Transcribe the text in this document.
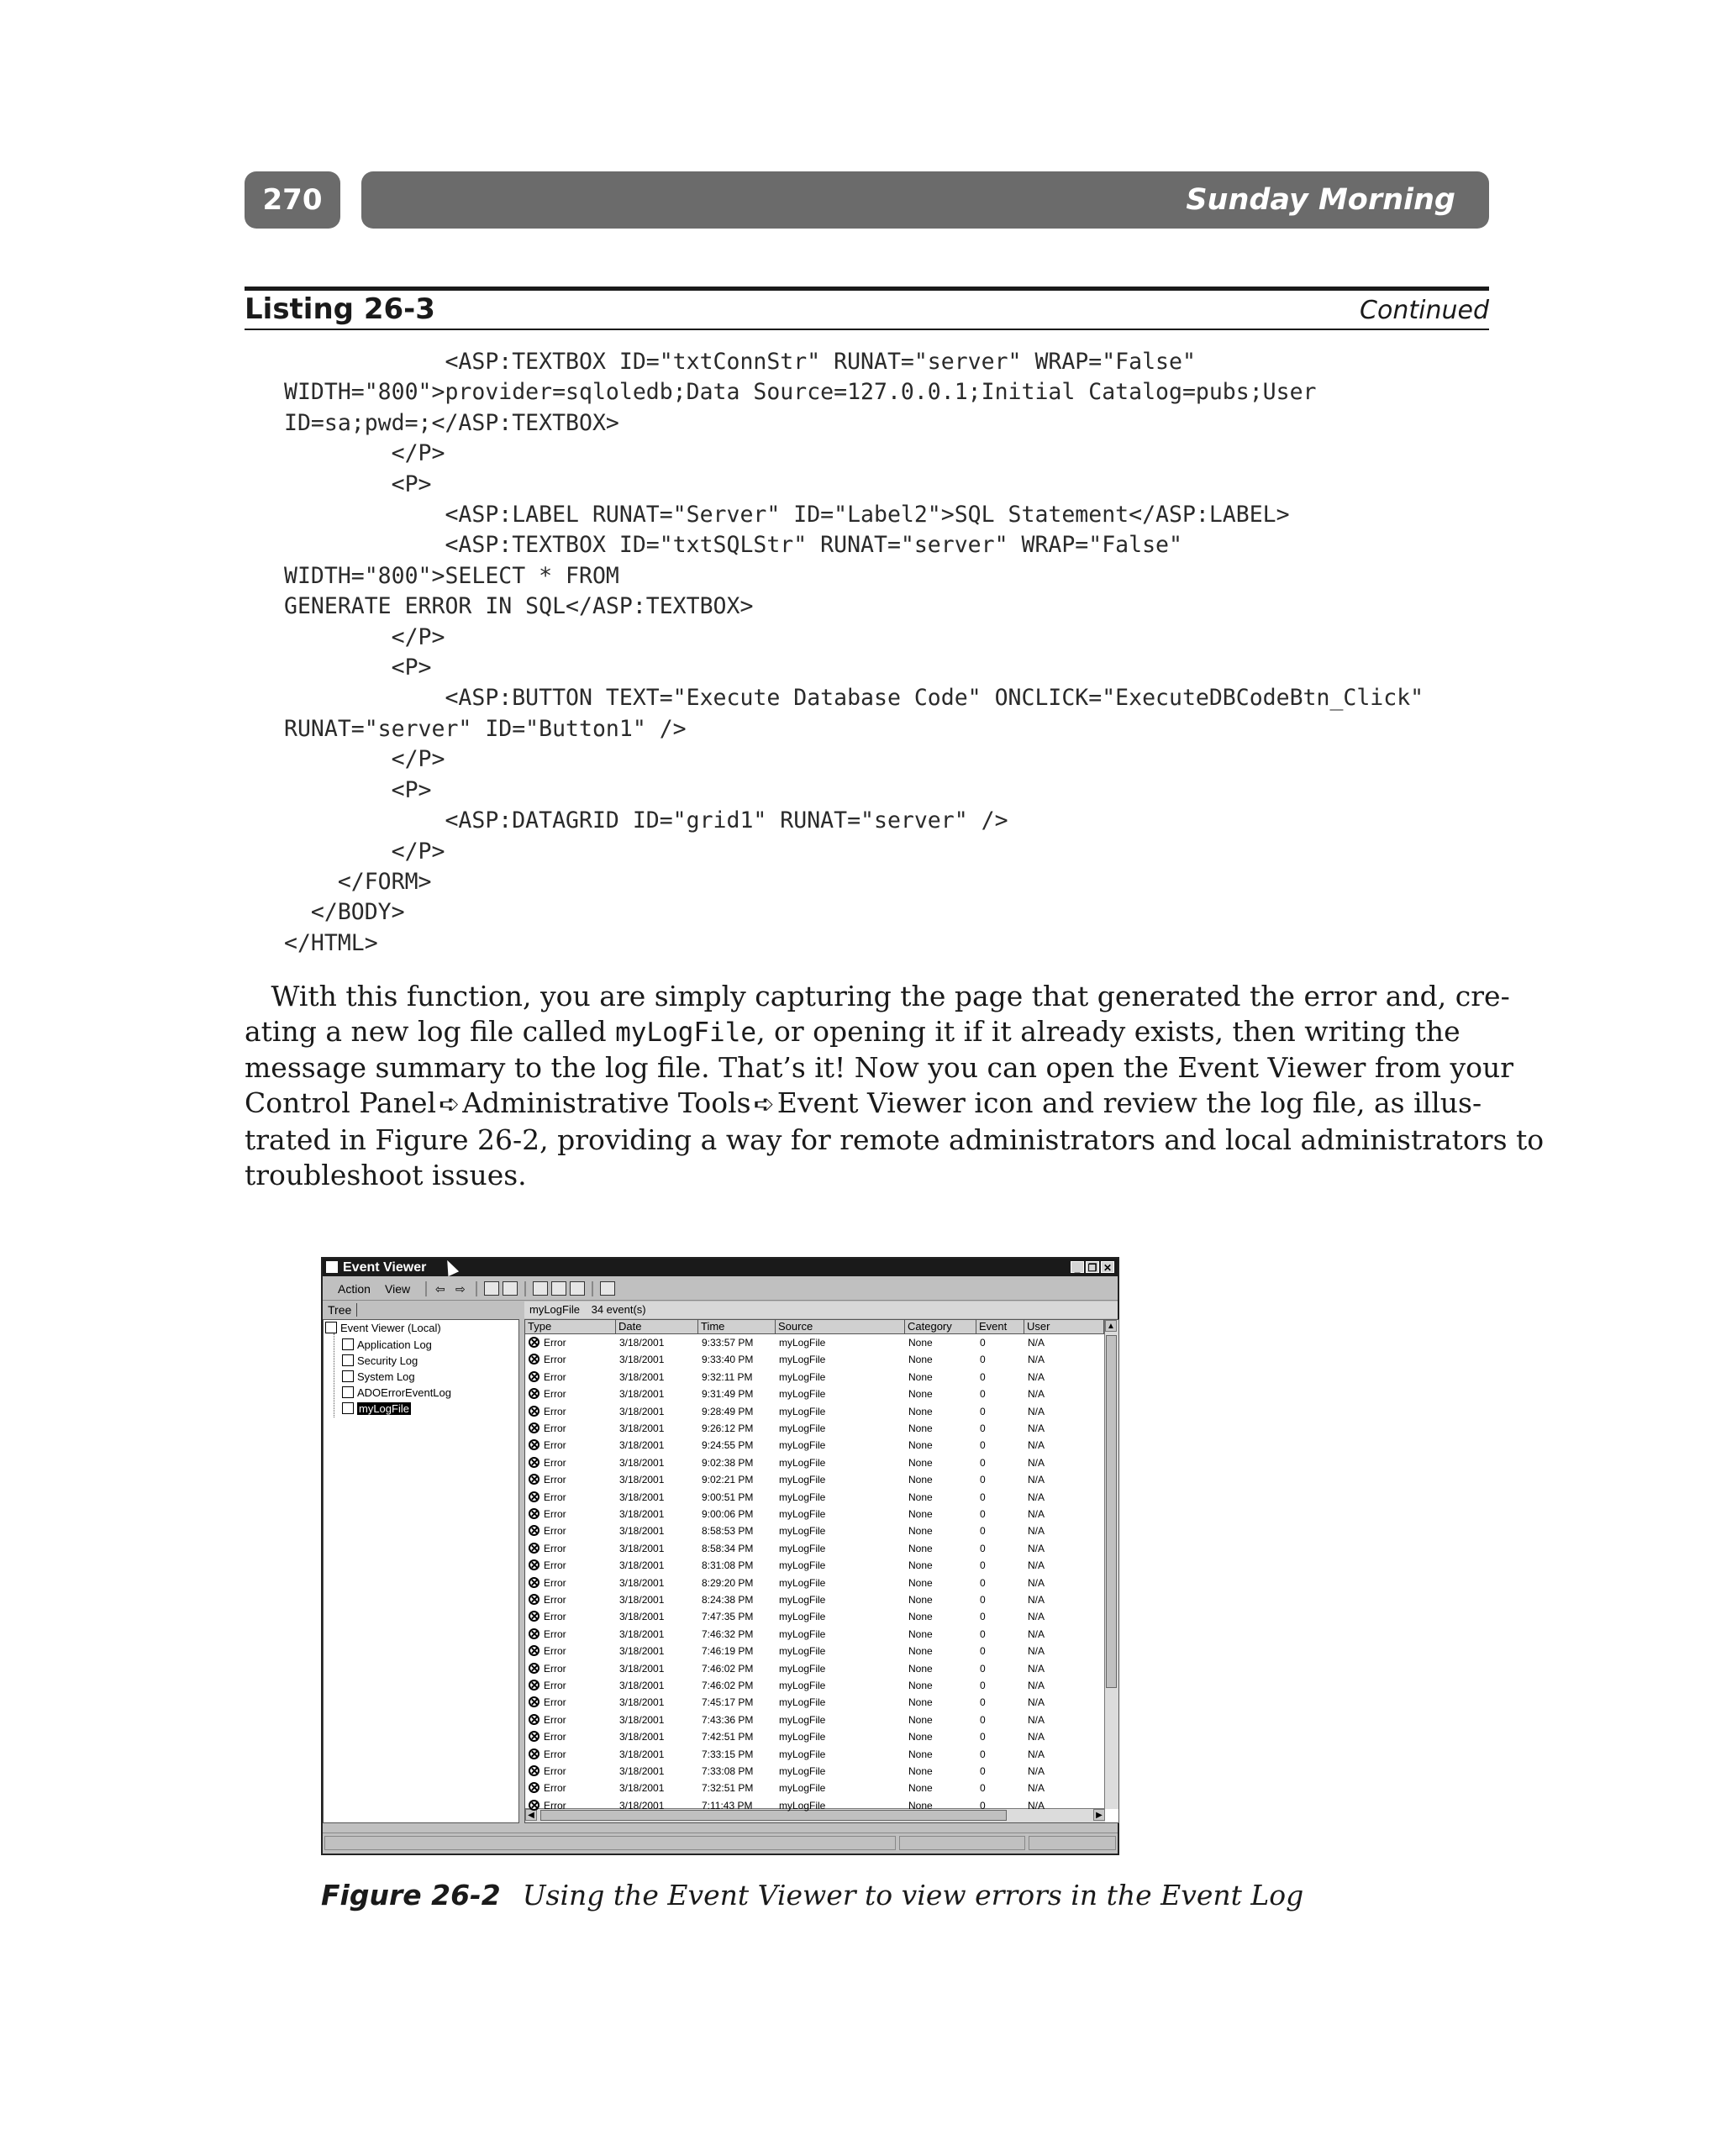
270	Sunday Morning
Listing 26-3	Continued
<ASP:TEXTBOX ID="txtConnStr" RUNAT="server" WRAP="False"
WIDTH="800">provider=sqloledb;Data Source=127.0.0.1;Initial Catalog=pubs;User
ID=sa;pwd=;</ASP:TEXTBOX>
</P>
<P>
<ASP:LABEL RUNAT="Server" ID="Label2">SQL Statement</ASP:LABEL>
<ASP:TEXTBOX ID="txtSQLStr" RUNAT="server" WRAP="False"
WIDTH="800">SELECT * FROM
GENERATE ERROR IN SQL</ASP:TEXTBOX>
</P>
<P>
<ASP:BUTTON TEXT="Execute Database Code" ONCLICK="ExecuteDBCodeBtn_Click"
RUNAT="server" ID="Button1" />
</P>
<P>
<ASP:DATAGRID ID="grid1" RUNAT="server" />
</P>
</FORM>
</BODY>
</HTML>
With this function, you are simply capturing the page that generated the error and, cre-
ating a new log file called myLogFile, or opening it if it already exists, then writing the
message summary to the log file. That’s it! Now you can open the Event Viewer from your
Control Panel ➪Administrative Tools ➪Event Viewer icon and review the log file, as illus-
trated in Figure 26-2, providing a way for remote administrators and local administrators to
troubleshoot issues.
Event Viewer	_ ❐ ✕
Action View ⇦ ⇨
Tree
Event Viewer (Local)
Application Log
Security Log
System Log
ADOErrorEventLog
myLogFile
myLogFile 34 event(s)
Type	Date	Time	Source	Category	Event	User	▲
◀	▶
Error	3/18/2001	9:33:57 PM	myLogFile	None	0	N/A
Error	3/18/2001	9:33:40 PM	myLogFile	None	0	N/A
Error	3/18/2001	9:32:11 PM	myLogFile	None	0	N/A
Error	3/18/2001	9:31:49 PM	myLogFile	None	0	N/A
Error	3/18/2001	9:28:49 PM	myLogFile	None	0	N/A
Error	3/18/2001	9:26:12 PM	myLogFile	None	0	N/A
Error	3/18/2001	9:24:55 PM	myLogFile	None	0	N/A
Error	3/18/2001	9:02:38 PM	myLogFile	None	0	N/A
Error	3/18/2001	9:02:21 PM	myLogFile	None	0	N/A
Error	3/18/2001	9:00:51 PM	myLogFile	None	0	N/A
Error	3/18/2001	9:00:06 PM	myLogFile	None	0	N/A
Error	3/18/2001	8:58:53 PM	myLogFile	None	0	N/A
Error	3/18/2001	8:58:34 PM	myLogFile	None	0	N/A
Error	3/18/2001	8:31:08 PM	myLogFile	None	0	N/A
Error	3/18/2001	8:29:20 PM	myLogFile	None	0	N/A
Error	3/18/2001	8:24:38 PM	myLogFile	None	0	N/A
Error	3/18/2001	7:47:35 PM	myLogFile	None	0	N/A
Error	3/18/2001	7:46:32 PM	myLogFile	None	0	N/A
Error	3/18/2001	7:46:19 PM	myLogFile	None	0	N/A
Error	3/18/2001	7:46:02 PM	myLogFile	None	0	N/A
Error	3/18/2001	7:46:02 PM	myLogFile	None	0	N/A
Error	3/18/2001	7:45:17 PM	myLogFile	None	0	N/A
Error	3/18/2001	7:43:36 PM	myLogFile	None	0	N/A
Error	3/18/2001	7:42:51 PM	myLogFile	None	0	N/A
Error	3/18/2001	7:33:15 PM	myLogFile	None	0	N/A
Error	3/18/2001	7:33:08 PM	myLogFile	None	0	N/A
Error	3/18/2001	7:32:51 PM	myLogFile	None	0	N/A
Error	3/18/2001	7:11:43 PM	myLogFile	None	0	N/A
Figure 26-2 Using the Event Viewer to view errors in the Event Log
